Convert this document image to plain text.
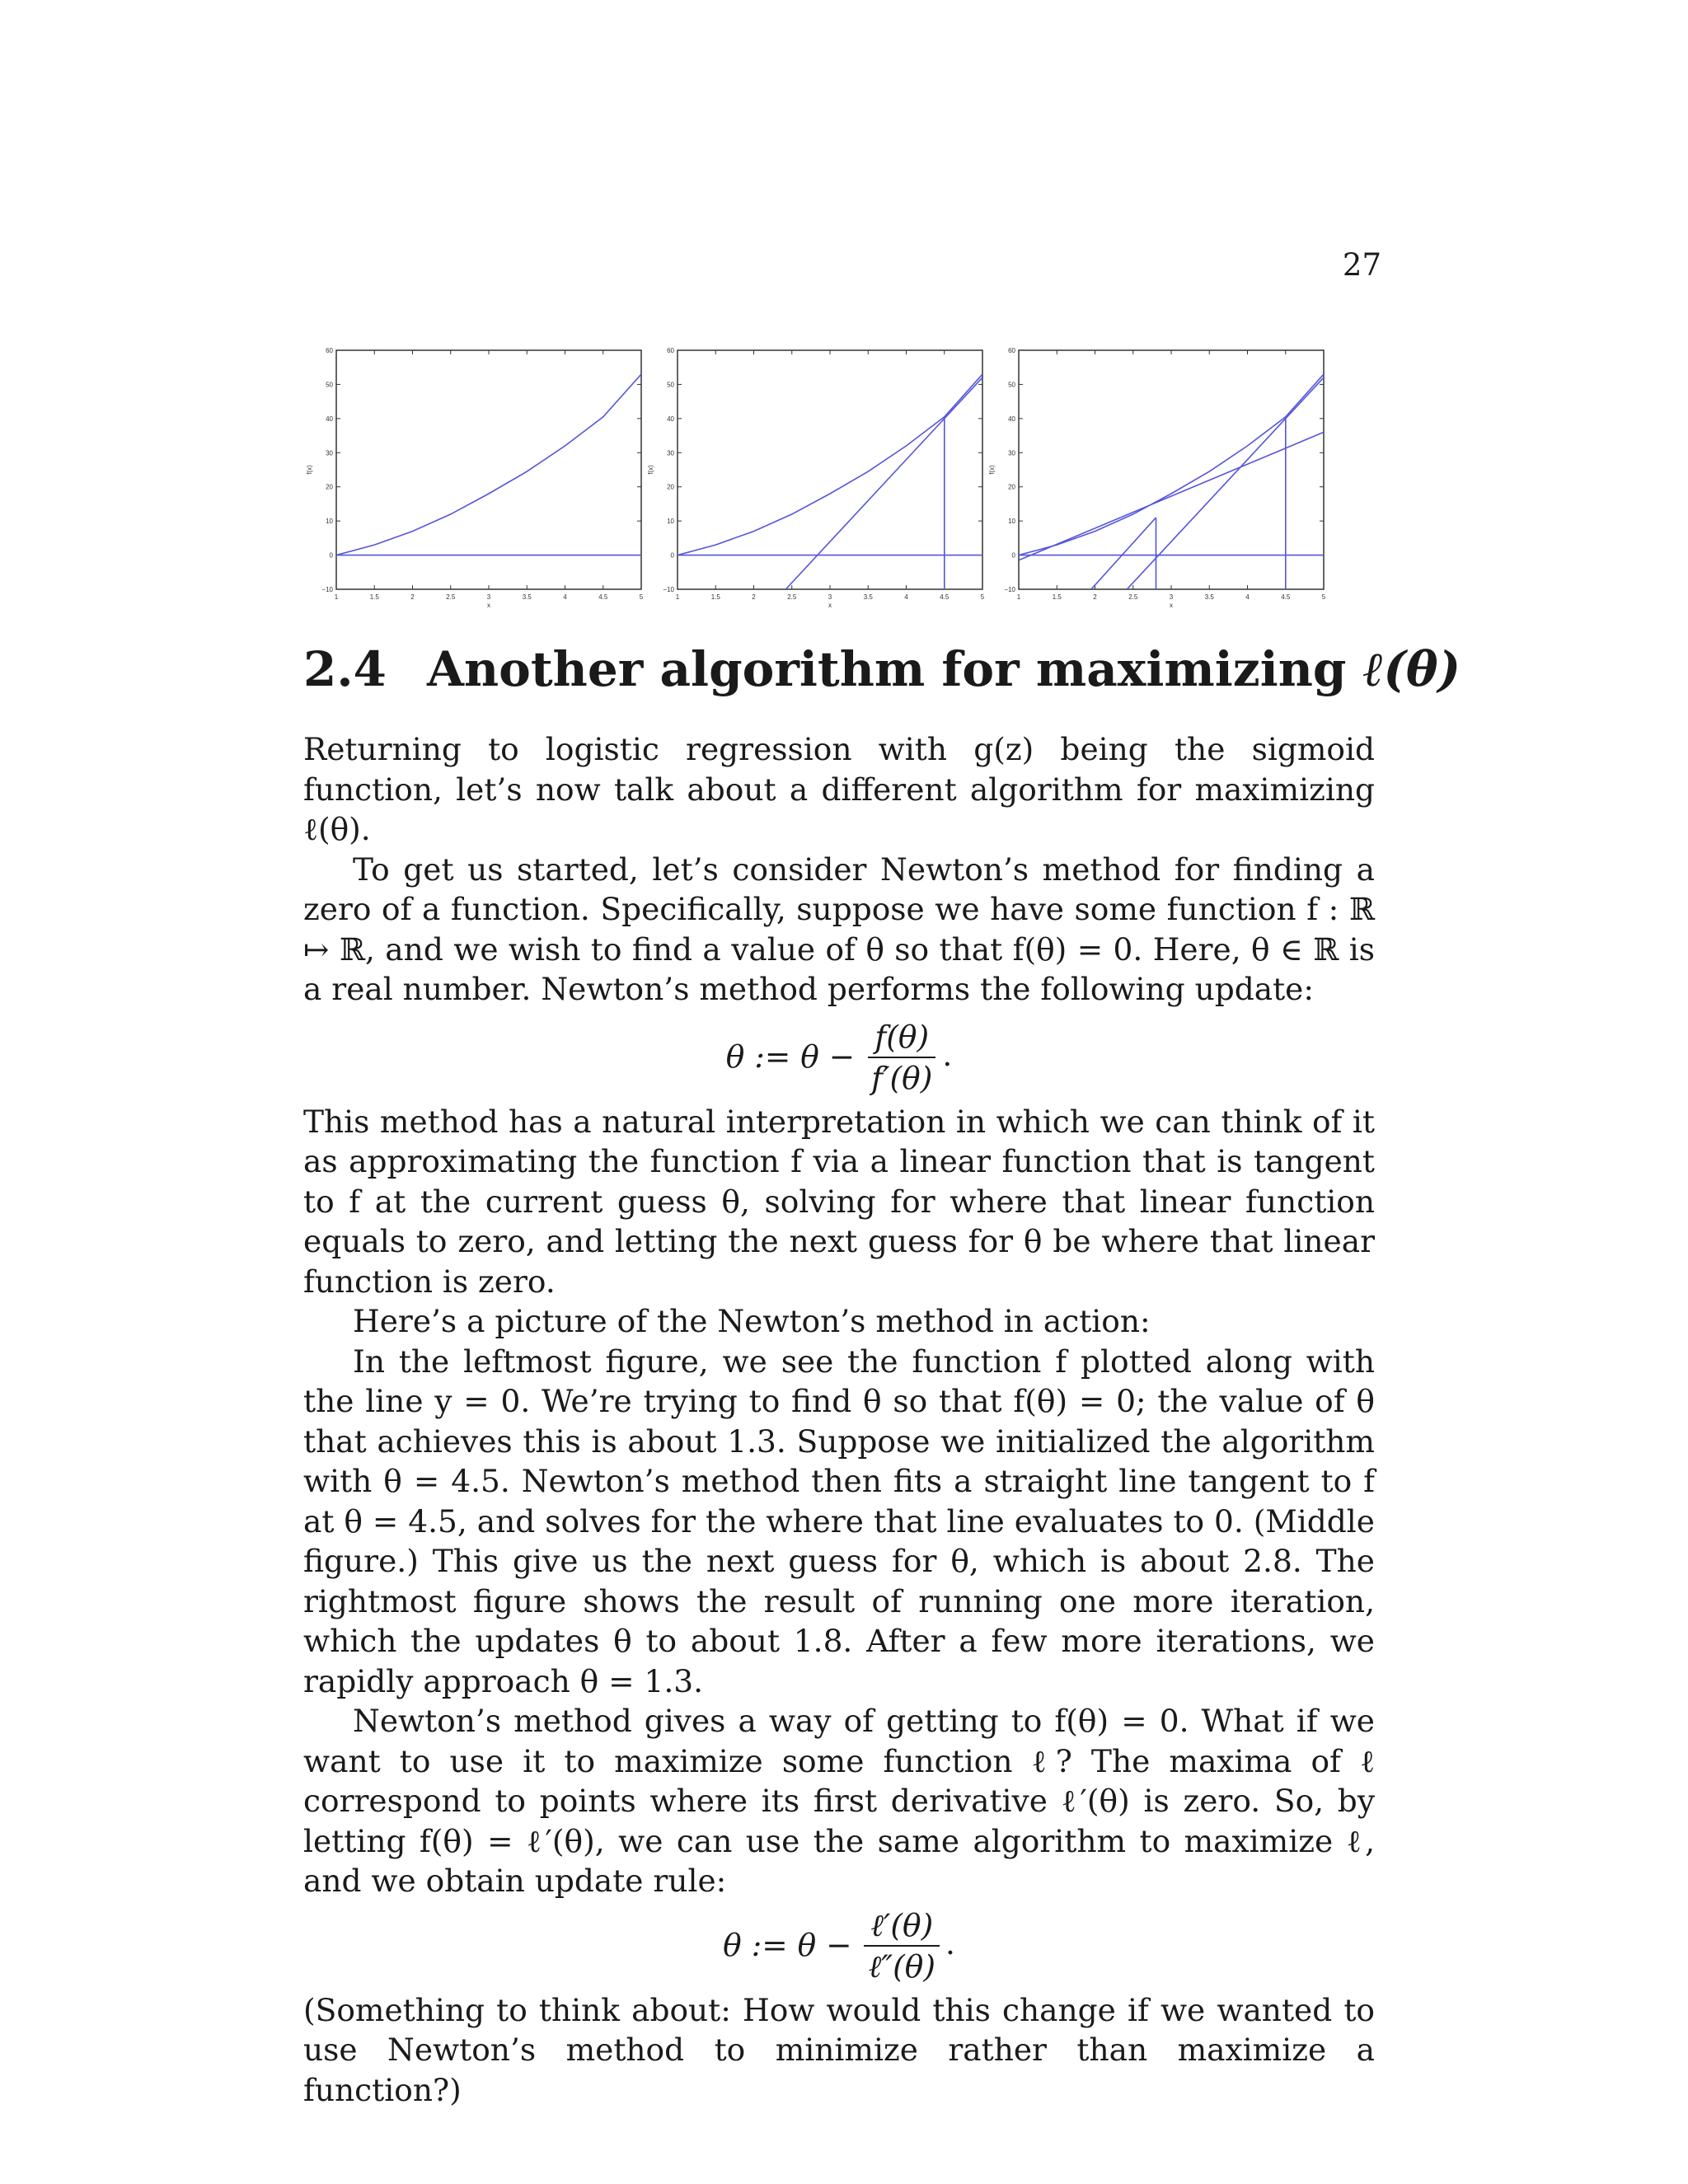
27
1	1.5	2	2.5	3	3.5	4	4.5	5
60
50
40
30
20
10
0
−10
x
f(x)
1	1.5	2	2.5	3	3.5	4	4.5	5
60
50
40
30
20
10
0
−10
x
f(x)
1	1.5	2	2.5	3	3.5	4	4.5	5
60
50
40
30
20
10
0
−10
x
f(x)
2.4 Another algorithm for maximizing ℓ(θ)

Returning to logistic regression with g(z) being the sigmoid function, let’s now talk about a different algorithm for maximizing ℓ(θ).

To get us started, let’s consider Newton’s method for finding a zero of a function. Specifically, suppose we have some function f : ℝ ↦ ℝ, and we wish to find a value of θ so that f(θ) = 0. Here, θ ∈ ℝ is a real number. Newton’s method performs the following update:

θ := $\theta - \frac{f(\theta)}{f'(\theta)}$ .

This method has a natural interpretation in which we can think of it as approximating the function f via a linear function that is tangent to f at the current guess θ, solving for where that linear function equals to zero, and letting the next guess for θ be where that linear function is zero.

Here’s a picture of the Newton’s method in action:

In the leftmost figure, we see the function f plotted along with the line y = 0. We’re trying to find θ so that f(θ) = 0; the value of θ that achieves this is about 1.3. Suppose we initialized the algorithm with θ = 4.5. Newton’s method then fits a straight line tangent to f at θ = 4.5, and solves for the where that line evaluates to 0. (Middle figure.) This give us the next guess for θ, which is about 2.8. The rightmost figure shows the result of running one more iteration, which the updates θ to about 1.8. After a few more iterations, we rapidly approach θ = 1.3.

Newton’s method gives a way of getting to f(θ) = 0. What if we want to use it to maximize some function ℓ? The maxima of ℓ correspond to points where its first derivative ℓ′(θ) is zero. So, by letting f(θ) = ℓ′(θ), we can use the same algorithm to maximize ℓ, and we obtain update rule:

θ := $\theta - \frac{\text{ℓ′(θ)}}{\text{ℓ″(θ)}}$ .

(Something to think about: How would this change if we wanted to use Newton’s method to minimize rather than maximize a function?)
